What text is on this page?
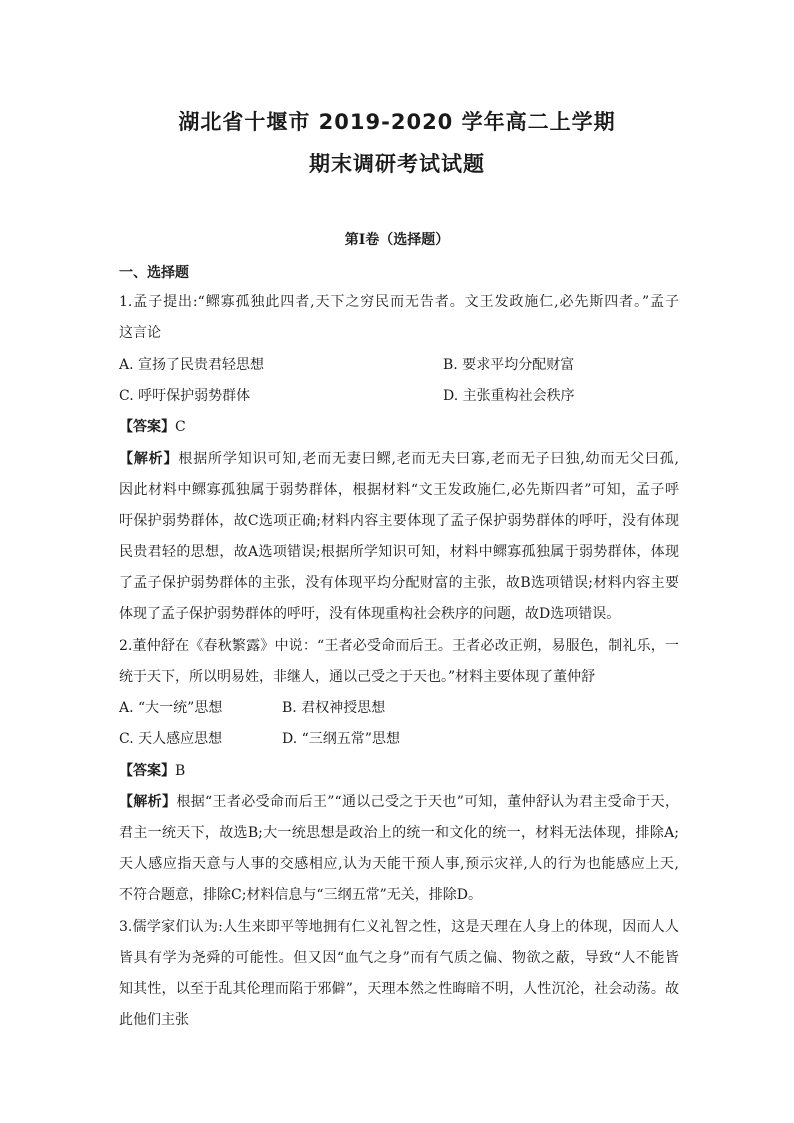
湖北省十堰市 2019-2020 学年高二上学期
期末调研考试试题
第Ⅰ卷（选择题）
一、选择题
1.孟子提出:“鳏寡孤独此四者,天下之穷民而无告者。文王发政施仁,必先斯四者。”孟子
这言论
A. 宣扬了民贵君轻思想	B. 要求平均分配财富
C. 呼吁保护弱势群体	D. 主张重构社会秩序
【答案】C
【解析】根据所学知识可知,老而无妻曰鳏,老而无夫曰寡,老而无子曰独,幼而无父曰孤,
因此材料中鳏寡孤独属于弱势群体，根据材料“文王发政施仁,必先斯四者”可知，孟子呼
吁保护弱势群体，故C选项正确;材料内容主要体现了孟子保护弱势群体的呼吁，没有体现
民贵君轻的思想，故A选项错误;根据所学知识可知，材料中鳏寡孤独属于弱势群体，体现
了孟子保护弱势群体的主张，没有体现平均分配财富的主张，故B选项错误;材料内容主要
体现了孟子保护弱势群体的呼吁，没有体现重构社会秩序的问题，故D选项错误。
2.董仲舒在《春秋繁露》中说：“王者必受命而后王。王者必改正朔，易服色，制礼乐，一
统于天下，所以明易姓，非继人，通以己受之于天也。”材料主要体现了董仲舒
A. “大一统”思想	B. 君权神授思想
C. 天人感应思想	D. “三纲五常”思想
【答案】B
【解析】根据“王者必受命而后王”“通以己受之于天也”可知，董仲舒认为君主受命于天，
君主一统天下，故选B;大一统思想是政治上的统一和文化的统一，材料无法体现，排除A;
天人感应指天意与人事的交感相应,认为天能干预人事,预示灾祥,人的行为也能感应上天,
不符合题意，排除C;材料信息与“三纲五常”无关，排除D。
3.儒学家们认为:人生来即平等地拥有仁义礼智之性，这是天理在人身上的体现，因而人人
皆具有学为尧舜的可能性。但又因“血气之身”而有气质之偏、物欲之蔽，导致“人不能皆
知其性，以至于乱其伦理而陷于邪僻”，天理本然之性晦暗不明，人性沉沦，社会动荡。故
此他们主张
